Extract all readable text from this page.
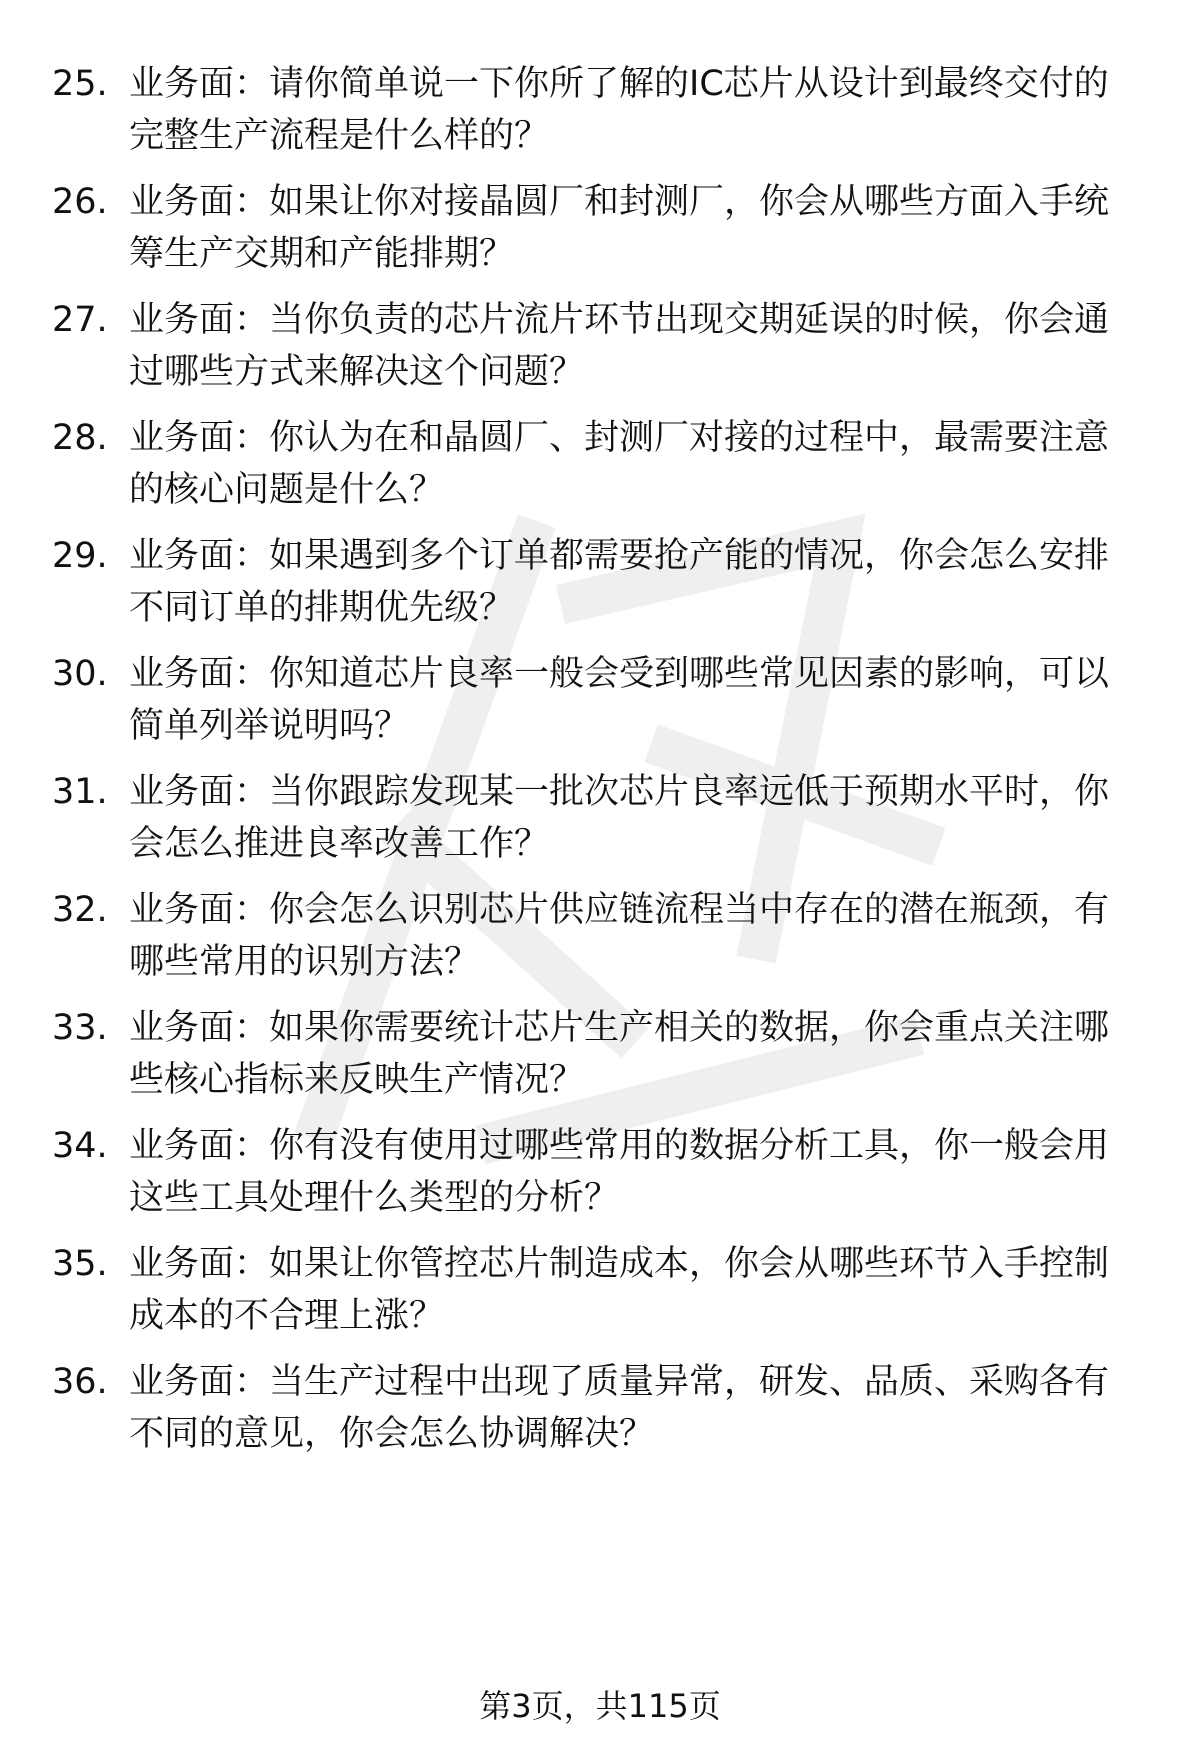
25. 业务面：请你简单说一下你所了解的IC芯片从设计到最终交付的完整生产流程是什么样的？
26. 业务面：如果让你对接晶圆厂和封测厂，你会从哪些方面入手统筹生产交期和产能排期？
27. 业务面：当你负责的芯片流片环节出现交期延误的时候，你会通过哪些方式来解决这个问题？
28. 业务面：你认为在和晶圆厂、封测厂对接的过程中，最需要注意的核心问题是什么？
29. 业务面：如果遇到多个订单都需要抢产能的情况，你会怎么安排不同订单的排期优先级？
30. 业务面：你知道芯片良率一般会受到哪些常见因素的影响，可以简单列举说明吗？
31. 业务面：当你跟踪发现某一批次芯片良率远低于预期水平时，你会怎么推进良率改善工作？
32. 业务面：你会怎么识别芯片供应链流程当中存在的潜在瓶颈，有哪些常用的识别方法？
33. 业务面：如果你需要统计芯片生产相关的数据，你会重点关注哪些核心指标来反映生产情况？
34. 业务面：你有没有使用过哪些常用的数据分析工具，你一般会用这些工具处理什么类型的分析？
35. 业务面：如果让你管控芯片制造成本，你会从哪些环节入手控制成本的不合理上涨？
36. 业务面：当生产过程中出现了质量异常，研发、品质、采购各有不同的意见，你会怎么协调解决？
第3页，共115页
